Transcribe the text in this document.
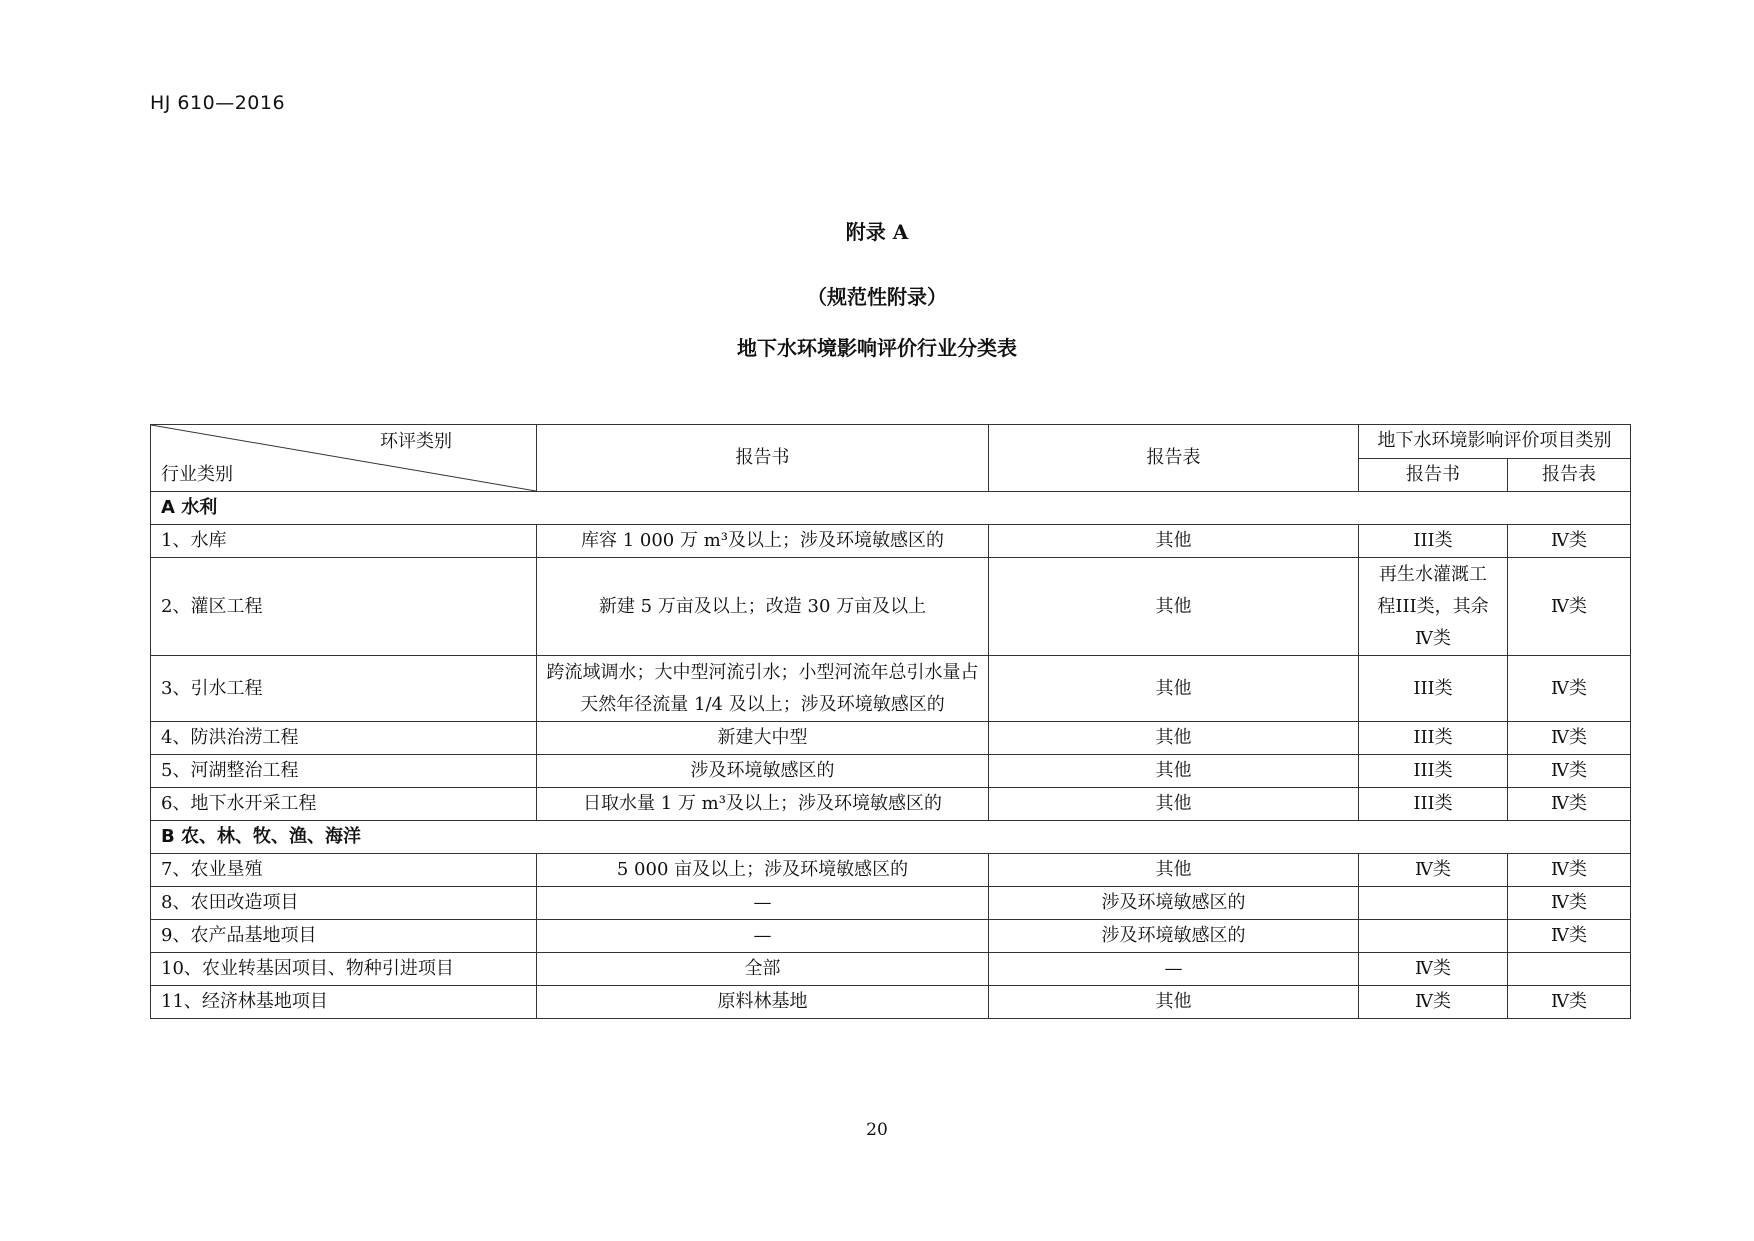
HJ 610—2016
附录 A
（规范性附录）
地下水环境影响评价行业分类表
环评类别
行业类别	报告书	报告表	地下水环境影响评价项目类别	
			报告书	报告表
A 水利				
1、水库	库容 1 000 万 m³及以上；涉及环境敏感区的	其他	III类	Ⅳ类
2、灌区工程	新建 5 万亩及以上；改造 30 万亩及以上	其他	再生水灌溉工程III类，其余Ⅳ类	Ⅳ类
3、引水工程	跨流域调水；大中型河流引水；小型河流年总引水量占天然年径流量 1/4 及以上；涉及环境敏感区的	其他	III类	Ⅳ类
4、防洪治涝工程	新建大中型	其他	III类	Ⅳ类
5、河湖整治工程	涉及环境敏感区的	其他	III类	Ⅳ类
6、地下水开采工程	日取水量 1 万 m³及以上；涉及环境敏感区的	其他	III类	Ⅳ类
B 农、林、牧、渔、海洋				
7、农业垦殖	5 000 亩及以上；涉及环境敏感区的	其他	Ⅳ类	Ⅳ类
8、农田改造项目	—	涉及环境敏感区的		Ⅳ类
9、农产品基地项目	—	涉及环境敏感区的		Ⅳ类
10、农业转基因项目、物种引进项目	全部	—	Ⅳ类	
11、经济林基地项目	原料林基地	其他	Ⅳ类	Ⅳ类
20
